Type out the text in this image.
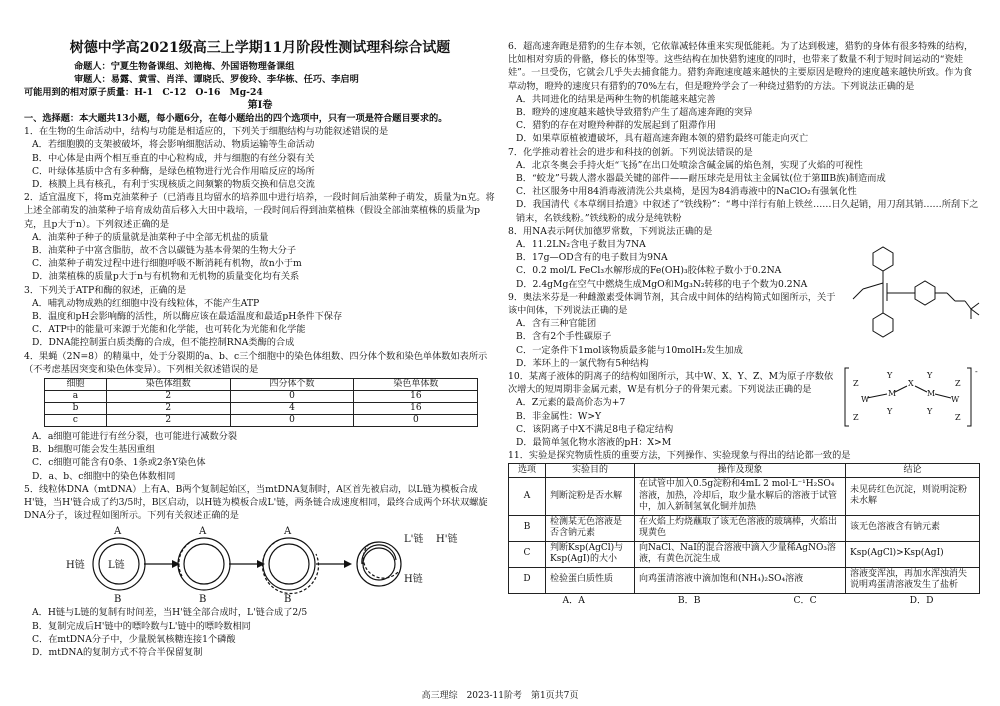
树德中学高2021级高三上学期11月阶段性测试理科综合试题
命题人：宁夏生物备课组、刘艳梅、外国语物理备课组
审题人：易露、黄雪、肖洋、谭晓氏、罗俊玲、李华栋、任巧、李启明
可能用到的相对原子质量：H-1　C-12　O-16　Mg-24
第Ⅰ卷

一、选择题：本大题共13小题，每小题6分，在每小题给出的四个选项中，只有一项是符合题目要求的。

1．在生物的生命活动中，结构与功能是相适应的，下列关于细胞结构与功能叙述错误的是

A．若细胞膜的支架被破坏，将会影响细胞活动、物质运输等生命活动

B．中心体是由两个相互垂直的中心粒构成，并与细胞的有丝分裂有关

C．叶绿体基质中含有多种酶，是绿色植物进行光合作用暗反应的场所

D．核膜上具有核孔，有利于实现核质之间频繁的物质交换和信息交流

2．适宜温度下，将m克油菜种子（已消毒且均留水的培养皿中进行培养，一段时间后油菜种子萌发，质量为n克。将上述全部萌发的油菜种子培育成幼苗后移入大田中栽培，一段时间后得到油菜植株（假设全部油菜植株的质量为p克，且p大于n）。下列叙述正确的是

A．油菜种子种子的质量就是油菜种子中全部无机盐的质量

B．油菜种子中富含脂肪，故不含以碳链为基本骨架的生物大分子

C．油菜种子萌发过程中进行细胞呼吸不断消耗有机物，故n小于m

D．油菜植株的质量p大于n与有机物和无机物的质量变化均有关系

3．下列关于ATP和酶的叙述，正确的是

A．哺乳动物成熟的红细胞中没有线粒体，不能产生ATP

B．温度和pH会影响酶的活性，所以酶应该在最适温度和最适pH条件下保存

C．ATP中的能量可来源于光能和化学能，也可转化为光能和化学能

D．DNA能控制蛋白质类酶的合成，但不能控制RNA类酶的合成

4．果蝇（2N=8）的精巢中，处于分裂期的a、b、c三个细胞中的染色体组数、四分体个数和染色单体数如表所示（不考虑基因突变和染色体变异）。下列相关叙述错误的是

细胞	染色体组数	四分体个数	染色单体数
a	2	0	16
b	2	4	16
c	2	0	0

A．a细胞可能进行有丝分裂，也可能进行减数分裂

B．b细胞可能会发生基因重组

C．c细胞可能含有0条、1条或2条Y染色体

D．a、b、c细胞中的染色体数相同

5．线粒体DNA（mtDNA）上有A、B两个复制起始区，当mtDNA复制时，A区首先被启动，以L链为模板合成H'链，当H'链合成了约3/5时，B区启动，以H链为模板合成L'链，两条链合成速度相同，最终合成两个环状双螺旋DNA分子，该过程如图所示。下列有关叙述正确的是

A
B
A
B
A
B
H链 L链
L'链 H'链
H链

A．H链与L链的复制有时间差，当H'链全部合成时，L'链合成了2/5

B．复制完成后H'链中的嘌呤数与L'链中的嘌呤数相同

C．在mtDNA分子中，少量脱氧核糖连接1个磷酸

D．mtDNA的复制方式不符合半保留复制

6．超高速奔跑是猎豹的生存本领，它依靠减轻体重来实现低能耗。为了达到极速，猎豹的身体有很多特殊的结构，比如相对穷质的骨骼，修长的体型等。这些结构在加快猎豹速度的同时，也带来了数量不利于短时间运动的“瓷娃娃”。一旦受伤，它就会几乎失去捕食能力。猎豹奔跑速度越来越快的主要原因是瞪羚的速度越来越快所致。作为食草动物，瞪羚的速度只有猎豹的70%左右，但是瞪羚学会了一种绕过猎豹的方法。下列说法正确的是

A．共同进化的结果是两种生物的机能越来越完善

B．瞪羚的速度越来越快导致猎豹产生了超高速奔跑的突异

C．猎豹的存在对瞪羚种群的发展起到了阻滞作用

D．如果草原植被遭破坏，具有超高速奔跑本领的猎豹最终可能走向灭亡

7．化学推动着社会的进步和科技的创新。下列说法错误的是

A．北京冬奥会手持火炬“飞扬”在出口处喷涂含碱金属的焰色剂，实现了火焰的可视性

B．“蛟龙”号载人潜水器最关键的部件——耐压球壳是用钛主金属钛(位于第ⅢB族)制造而成

C．社区服务中用84消毒液清洗公共桌椅，是因为84消毒液中的NaClO₂有强氧化性

D．我国清代《本草纲目拾遗》中叙述了“铁线粉”：“粤中洋行有舶上铁丝……日久起销，用刀刮其销……所刮下之销末，名铁线粉。”铁线粉的成分是纯铁粉

8．用NA表示阿伏加德罗常数，下列说法正确的是

A．11.2LN₂含电子数目为7NA

B．17g—OD含有的电子数目为9NA

C．0.2 mol/L FeCl₃水解形成的Fe(OH)₃胶体粒子数小于0.2NA

D．2.4gMg在空气中燃烧生成MgO和Mg₃N₂转移的电子个数为0.2NA

9．奥法米芬是一种雌激素受体调节剂，其合成中间体的结构简式如图所示，关于该中间体，下列说法正确的是

A．含有三种官能团

B．含有2个手性碳原子

C．一定条件下1mol该物质最多能与10molH₂发生加成

D．苯环上的一氯代物有5种结构

10．某离子液体的阴离子的结构如图所示，其中W、X、Y、Z、M为原子序数依次增大的短周期非金属元素，W是有机分子的骨架元素。下列说法正确的是

A．Z元素的最高价态为+7

B．非金属性：W>Y

C．该阴离子中X不满足8电子稳定结构

D．最简单氢化物水溶液的pH：X>M

-
W
M
X
M
W
Y	Y
Y	Y
Z
Z
Z
Z

11．实验是探究物质性质的重要方法，下列操作、实验现象与得出的结论都一致的是

选项	实验目的	操作及现象	结论
A	判断淀粉是否水解	在试管中加入0.5g淀粉和4mL 2 mol·L⁻¹H₂SO₄溶液，加热，冷却后，取少量水解后的溶液于试管中，加入新制氢氧化铜并加热	未见砖红色沉淀，则说明淀粉未水解
B	检测某无色溶液是否含钠元素	在火焰上灼烧蘸取了该无色溶液的玻璃棒，火焰出现黄色	该无色溶液含有钠元素
C	判断Ksp(AgCl)与Ksp(AgI)的大小	向NaCl、NaI的混合溶液中滴入少量稀AgNO₃溶液，有黄色沉淀生成	Ksp(AgCl)>Ksp(AgI)
D	检验蛋白质性质	向鸡蛋清溶液中滴加饱和(NH₄)₂SO₄溶液	溶液变浑浊，再加水浑浊消失说明鸡蛋清溶液发生了盐析
A．A	B．B	C．C	D．D
高三理综　2023-11阶考　第1页共7页
